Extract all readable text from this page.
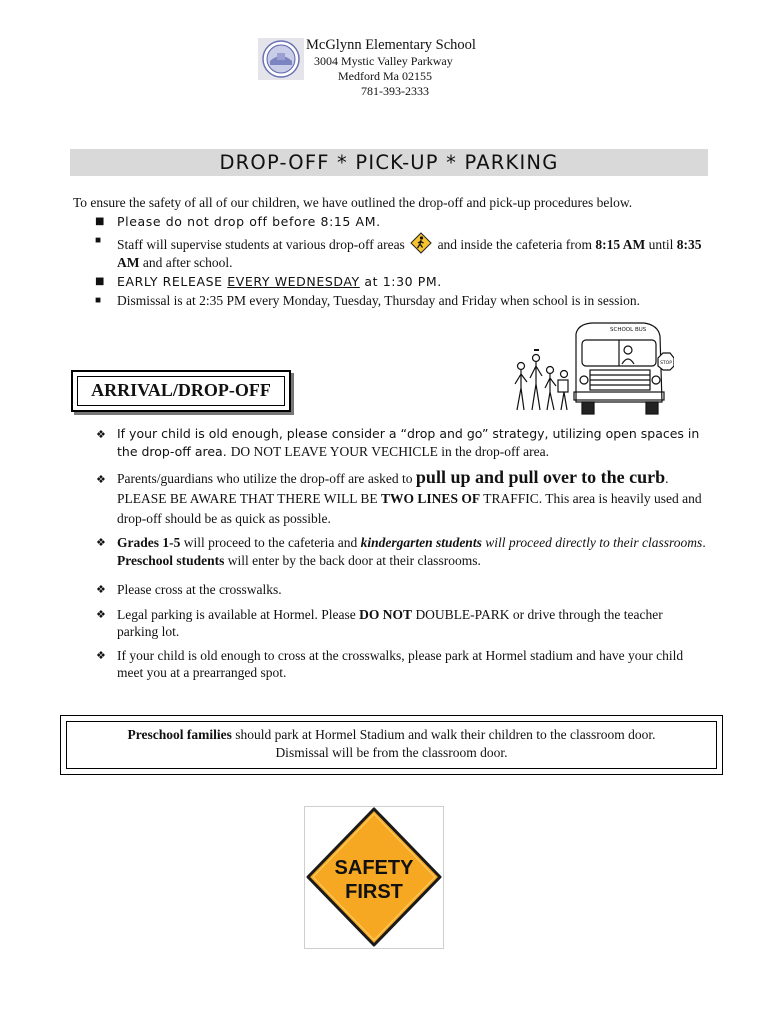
McGlynn Elementary School
3004 Mystic Valley Parkway
Medford Ma 02155
781-393-2333
DROP-OFF * PICK-UP * PARKING
To ensure the safety of all of our children, we have outlined the drop-off and pick-up procedures below.
■ Please do not drop off before 8:15 AM.
■ Staff will supervise students at various drop-off areas and inside the cafeteria from 8:15 AM until 8:35 AM and after school.
■ EARLY RELEASE EVERY WEDNESDAY at 1:30 PM.
■ Dismissal is at 2:35 PM every Monday, Tuesday, Thursday and Friday when school is in session.
SCHOOL BUS
STOP
ARRIVAL/DROP-OFF
❖ If your child is old enough, please consider a “drop and go” strategy, utilizing open spaces in the drop-off area. DO NOT LEAVE YOUR VECHICLE in the drop-off area.
❖ Parents/guardians who utilize the drop-off are asked to pull up and pull over to the curb. PLEASE BE AWARE THAT THERE WILL BE TWO LINES OF TRAFFIC. This area is heavily used and drop-off should be as quick as possible.
❖ Grades 1-5 will proceed to the cafeteria and kindergarten students will proceed directly to their classrooms. Preschool students will enter by the back door at their classrooms.
❖ Please cross at the crosswalks.
❖ Legal parking is available at Hormel. Please DO NOT DOUBLE-PARK or drive through the teacher parking lot.
❖ If your child is old enough to cross at the crosswalks, please park at Hormel stadium and have your child meet you at a prearranged spot.
Preschool families should park at Hormel Stadium and walk their children to the classroom door.
Dismissal will be from the classroom door.
SAFETY
FIRST
